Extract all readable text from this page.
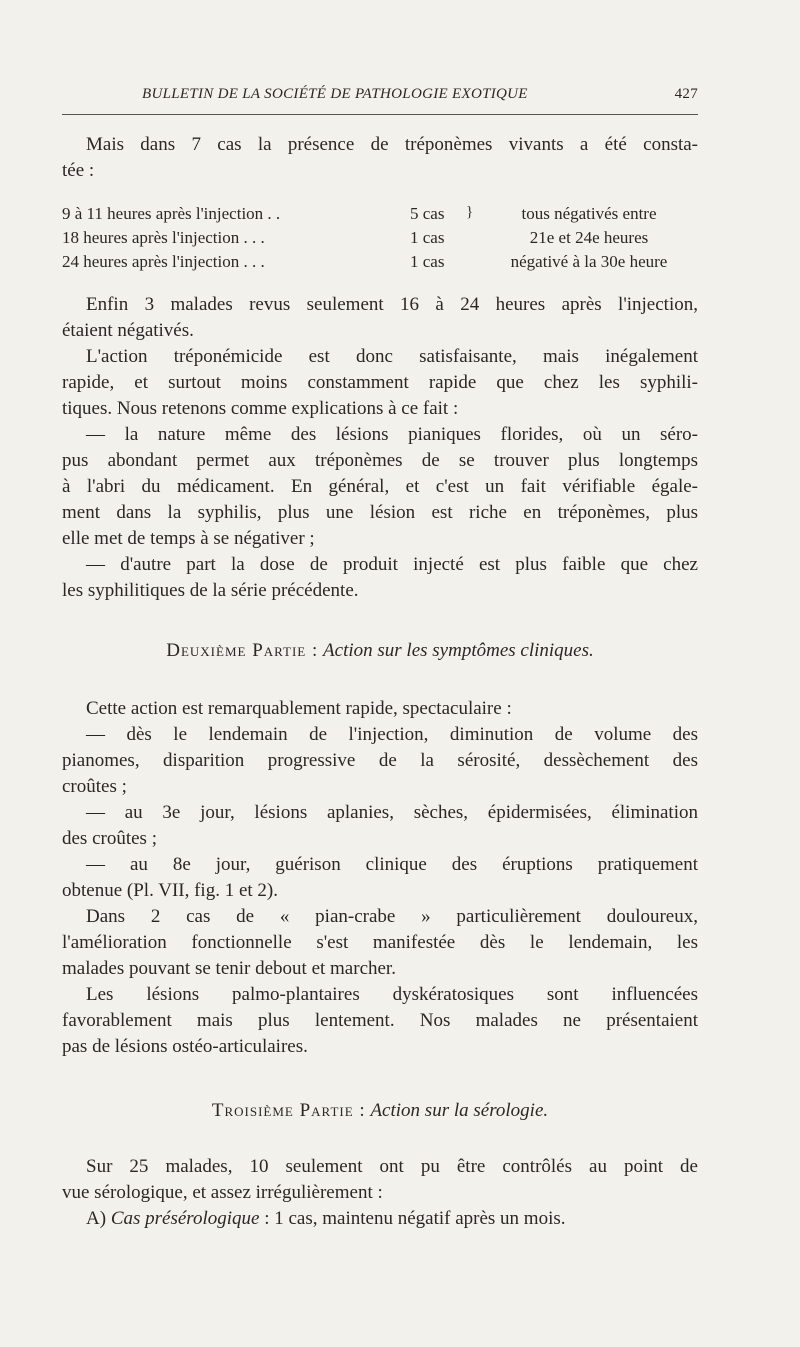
BULLETIN DE LA SOCIÉTÉ DE PATHOLOGIE EXOTIQUE	427
Mais dans 7 cas la présence de tréponèmes vivants a été consta-
tée :
9 à 11 heures après l'injection . .	5 cas	tous négativés entre
18 heures après l'injection . . .	1 cas	21e et 24e heures
24 heures après l'injection . . .	1 cas	négativé à la 30e heure
}
Enfin 3 malades revus seulement 16 à 24 heures après l'injection,
étaient négativés.
L'action tréponémicide est donc satisfaisante, mais inégalement
rapide, et surtout moins constamment rapide que chez les syphili-
tiques. Nous retenons comme explications à ce fait :
— la nature même des lésions pianiques florides, où un séro-
pus abondant permet aux tréponèmes de se trouver plus longtemps
à l'abri du médicament. En général, et c'est un fait vérifiable égale-
ment dans la syphilis, plus une lésion est riche en tréponèmes, plus
elle met de temps à se négativer ;
— d'autre part la dose de produit injecté est plus faible que chez
les syphilitiques de la série précédente.
Deuxième Partie : Action sur les symptômes cliniques.
Cette action est remarquablement rapide, spectaculaire :
— dès le lendemain de l'injection, diminution de volume des
pianomes, disparition progressive de la sérosité, dessèchement des
croûtes ;
— au 3e jour, lésions aplanies, sèches, épidermisées, élimination
des croûtes ;
— au 8e jour, guérison clinique des éruptions pratiquement
obtenue (Pl. VII, fig. 1 et 2).
Dans 2 cas de « pian-crabe » particulièrement douloureux,
l'amélioration fonctionnelle s'est manifestée dès le lendemain, les
malades pouvant se tenir debout et marcher.
Les lésions palmo-plantaires dyskératosiques sont influencées
favorablement mais plus lentement. Nos malades ne présentaient
pas de lésions ostéo-articulaires.
Troisième Partie : Action sur la sérologie.
Sur 25 malades, 10 seulement ont pu être contrôlés au point de
vue sérologique, et assez irrégulièrement :
A) Cas présérologique : 1 cas, maintenu négatif après un mois.
